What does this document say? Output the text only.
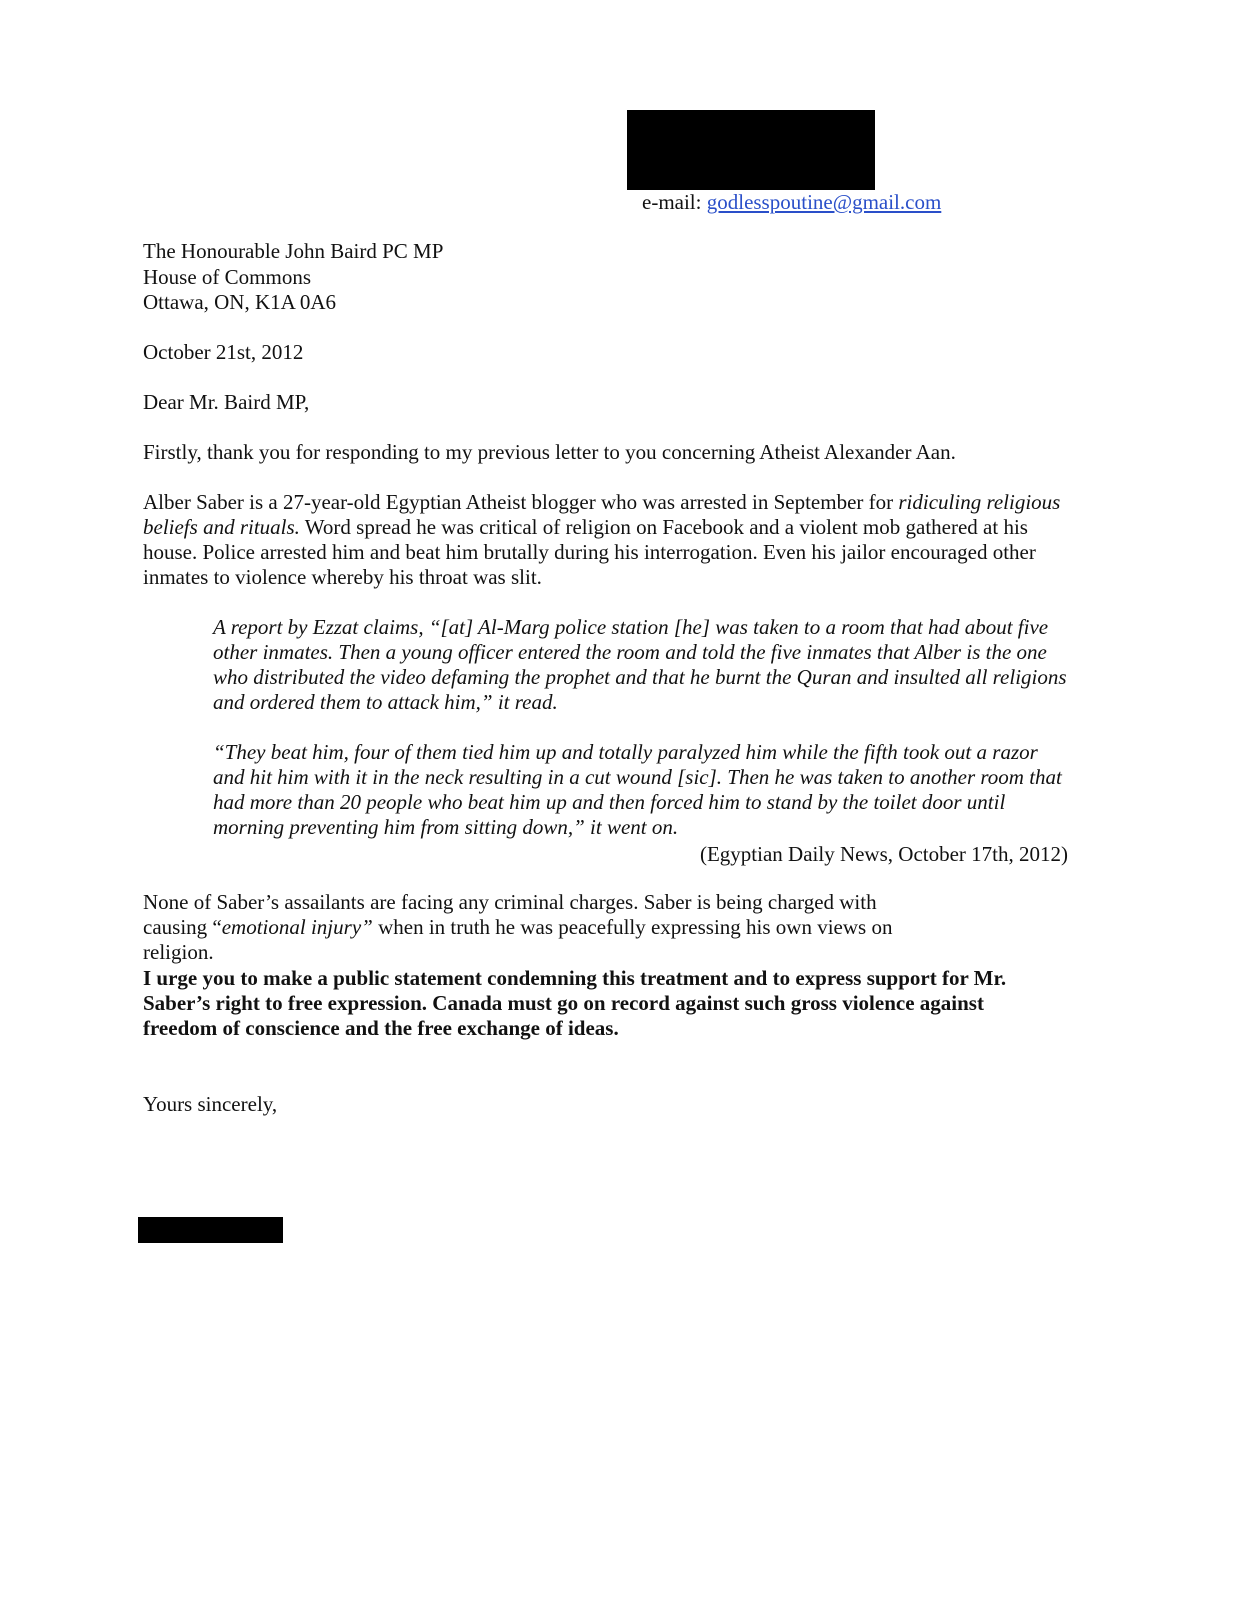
e-mail: godlesspoutine@gmail.com
The Honourable John Baird PC MP
House of Commons
Ottawa, ON, K1A 0A6
October 21st, 2012
Dear Mr. Baird MP,
Firstly, thank you for responding to my previous letter to you concerning Atheist Alexander Aan.
Alber Saber is a 27-year-old Egyptian Atheist blogger who was arrested in September for ridiculing religious beliefs and rituals. Word spread he was critical of religion on Facebook and a violent mob gathered at his house. Police arrested him and beat him brutally during his interrogation. Even his jailor encouraged other inmates to violence whereby his throat was slit.
A report by Ezzat claims, “[at] Al-Marg police station [he] was taken to a room that had about five other inmates. Then a young officer entered the room and told the five inmates that Alber is the one who distributed the video defaming the prophet and that he burnt the Quran and insulted all religions and ordered them to attack him,” it read.
“They beat him, four of them tied him up and totally paralyzed him while the fifth took out a razor and hit him with it in the neck resulting in a cut wound [sic]. Then he was taken to another room that had more than 20 people who beat him up and then forced him to stand by the toilet door until morning preventing him from sitting down,” it went on.
(Egyptian Daily News, October 17th, 2012)
None of Saber’s assailants are facing any criminal charges. Saber is being charged with causing “emotional injury” when in truth he was peacefully expressing his own views on religion.
I urge you to make a public statement condemning this treatment and to express support for Mr. Saber’s right to free expression. Canada must go on record against such gross violence against freedom of conscience and the free exchange of ideas.
Yours sincerely,
